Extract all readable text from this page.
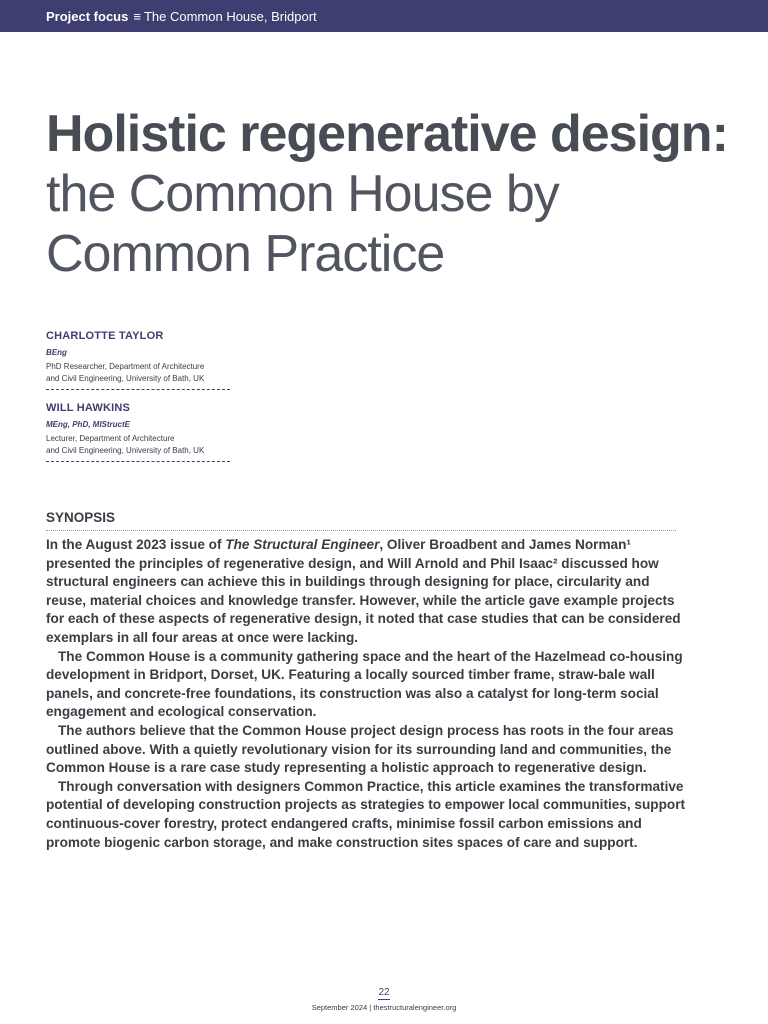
Project focus ≡ The Common House, Bridport
Holistic regenerative design: the Common House by Common Practice
CHARLOTTE TAYLOR
BEng
PhD Researcher, Department of Architecture
and Civil Engineering, University of Bath, UK
WILL HAWKINS
MEng, PhD, MIStructE
Lecturer, Department of Architecture
and Civil Engineering, University of Bath, UK
SYNOPSIS

In the August 2023 issue of The Structural Engineer, Oliver Broadbent and James Norman¹ presented the principles of regenerative design, and Will Arnold and Phil Isaac² discussed how structural engineers can achieve this in buildings through designing for place, circularity and reuse, material choices and knowledge transfer. However, while the article gave example projects for each of these aspects of regenerative design, it noted that case studies that can be considered exemplars in all four areas at once were lacking.

The Common House is a community gathering space and the heart of the Hazelmead co-housing development in Bridport, Dorset, UK. Featuring a locally sourced timber frame, straw-bale wall panels, and concrete-free foundations, its construction was also a catalyst for long-term social engagement and ecological conservation.

The authors believe that the Common House project design process has roots in the four areas outlined above. With a quietly revolutionary vision for its surrounding land and communities, the Common House is a rare case study representing a holistic approach to regenerative design.

Through conversation with designers Common Practice, this article examines the transformative potential of developing construction projects as strategies to empower local communities, support continuous-cover forestry, protect endangered crafts, minimise fossil carbon emissions and promote biogenic carbon storage, and make construction sites spaces of care and support.

22
September 2024 | thestructuralengineer.org
